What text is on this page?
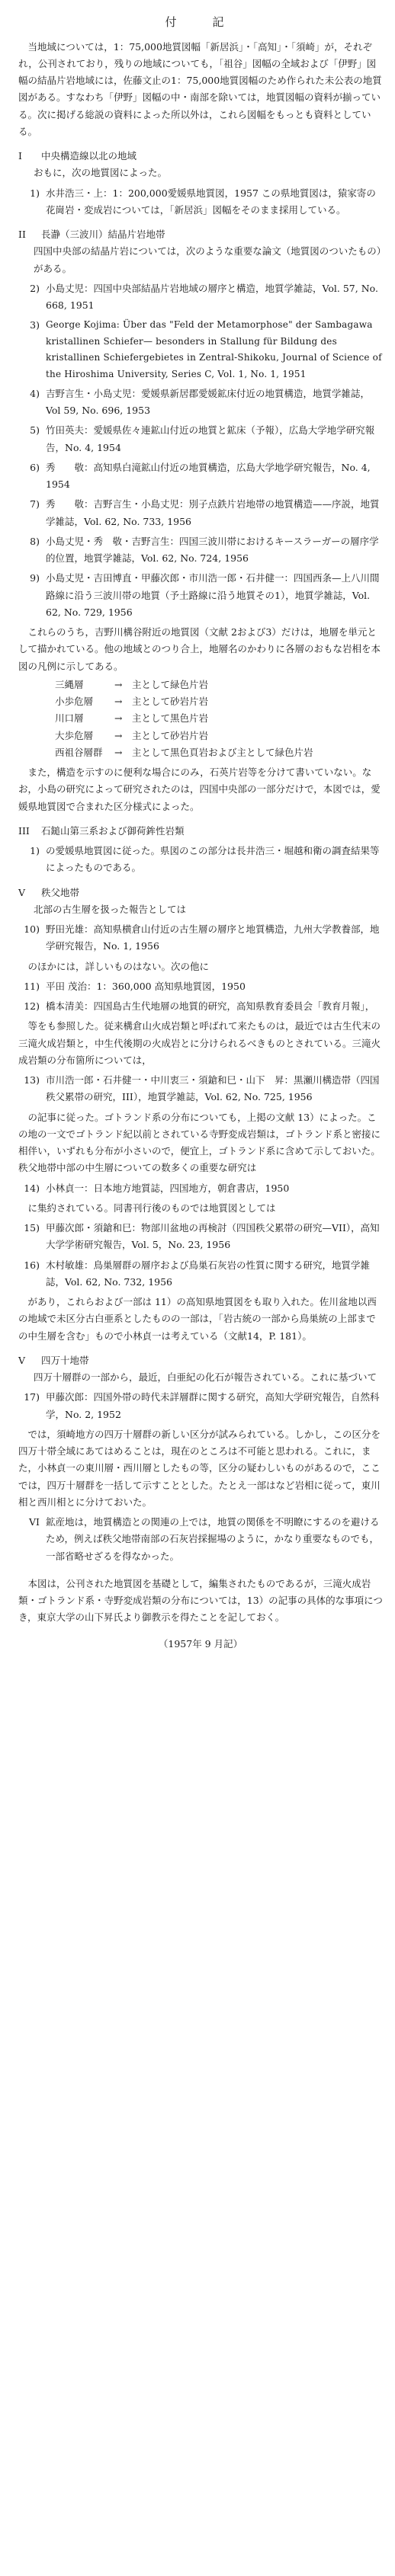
付　記

当地域については，1：75,000地質図幅「新居浜」・「高知」・「須崎」が，それぞれ，公刊されており，残りの地域についても，「祖谷」図幅の全域および「伊野」図幅の結晶片岩地域には，佐藤文止の1：75,000地質図幅のため作られた未公表の地質図がある。すなわち「伊野」図幅の中・南部を除いては，地質図幅の資料が揃っている。次に掲げる総説の資料によった所以外は，これら図幅をもっとも資料としている。

I	中央構造線以北の地域

おもに，次の地質図によった。

1) 水井浩三・上：1：200,000愛媛県地質図，1957 この県地質図は，猿家寄の花崗岩・変成岩については，「新居浜」図幅をそのまま採用している。
II	長瀞（三波川）結晶片岩地帯

四国中央部の結晶片岩については，次のような重要な論文（地質図のついたもの）がある。

2) 小島丈児：四国中央部結晶片岩地域の層序と構造，地質学雑誌，Vol. 57, No. 668, 1951
3) George Kojima: Über das "Feld der Metamorphose" der Sambagawa kristallinen Schiefer— besonders in Stallung für Bildung des kristallinen Schiefergebietes in Zentral-Shikoku, Journal of Science of the Hiroshima University, Series C, Vol. 1, No. 1, 1951
4) 吉野言生・小島丈児：愛媛県新居郡愛媛鉱床付近の地質構造，地質学雑誌，Vol 59, No. 696, 1953
5) 竹田英夫：愛媛県佐々連鉱山付近の地質と鉱床（予報），広島大学地学研究報告，No. 4, 1954
6) 秀　　敬：高知県白滝鉱山付近の地質構造，広島大学地学研究報告，No. 4, 1954
7) 秀　　敬：吉野言生・小島丈児：別子点鉄片岩地帯の地質構造——序説，地質学雑誌，Vol. 62, No. 733, 1956
8) 小島丈児・秀　敬・吉野言生：四国三波川帯におけるキースラーガーの層序学的位置，地質学雑誌，Vol. 62, No. 724, 1956
9) 小島丈児・吉田博直・甲藤次郎・市川浩一郎・石井健一：四国西条—上八川間路線に沿う三波川帯の地質（予土路線に沿う地質その1），地質学雑誌，Vol. 62, No. 729, 1956

これらのうち，吉野川構谷附近の地質図（文献 2および3）だけは，地層を単元として描かれている。他の地域とのつり合上，地層名のかわりに各層のおもな岩相を本図の凡例に示してある。

三縄層	→　主として緑色片岩
小歩危層	→　主として砂岩片岩
川口層	→　主として黒色片岩
大歩危層	→　主として砂岩片岩
西祖谷層群	→　主として黒色頁岩および主として緑色片岩

また，構造を示すのに便利な場合にのみ，石英片岩等を分けて書いていない。なお，小島の研究によって研究されたのは，四国中央部の一部分だけで，本図では，愛媛県地質図で合まれた区分様式によった。

III	石鎚山第三系および御荷鉾性岩類
1) の愛媛県地質図に従った。県図のこの部分は長井浩三・堀越和衛の調査結果等によったものである。
V	秩父地帯

北部の古生層を扱った報告としては

10) 野田光雄：高知県横倉山付近の古生層の層序と地質構造，九州大学教養部，地学研究報告，No. 1, 1956

のほかには，詳しいものはない。次の他に

11) 平田 茂治：1：360,000 高知県地質図，1950
12) 橋本清美：四国島古生代地層の地質的研究，高知県教育委員会「教育月報」，

等をも参照した。従来構倉山火成岩類と呼ばれて来たものは，最近では古生代末の三滝火成岩類と，中生代後期の火成岩とに分けられるべきものとされている。三滝火成岩類の分布箇所については，

13) 市川浩一郎・石井健一・中川衷三・須鎗和巳・山下　昇：黒瀬川構造帯（四国秩父累帯の研究，III），地質学雑誌，Vol. 62, No. 725, 1956

の記事に従った。ゴトランド系の分布についても，上掲の文献 13）によった。この地の一文でゴトランド紀以前とされている寺野変成岩類は，ゴトランド系と密接に相伴い，いずれも分布が小さいので，便宜上，ゴトランド系に含めて示しておいた。秩父地帯中部の中生層についての数多くの重要な研究は

14) 小林貞一：日本地方地質誌，四国地方，朝倉書店，1950

に集約されている。同書刊行後のものでは地質図としては

15) 甲藤次郎・須鎗和巳：物部川盆地の再検討（四国秩父累帯の研究—VII），高知大学学術研究報告，Vol. 5，No. 23, 1956
16) 木村敏雄：鳥巣層群の層序および鳥巣石灰岩の性質に関する研究，地質学雑誌，Vol. 62, No. 732, 1956

があり，これらおよび一部は 11）の高知県地質図をも取り入れた。佐川盆地以西の地域で未区分古白亜系としたものの一部は，「岩古統の一部から鳥巣統の上部までの中生層を含む」もので小林貞一は考えている（文献14，P. 181）。

V	四万十地帯

四万十層群の一部から，最近，白亜紀の化石が報告されている。これに基づいて

17) 甲藤次郎：四国外帯の時代未詳層群に関する研究，高知大学研究報告，自然科学，No. 2, 1952

では，須崎地方の四万十層群の新しい区分が試みられている。しかし，この区分を四万十帯全域にあてはめることは，現在のところは不可能と思われる。これに，また，小林貞一の東川層・西川層としたもの等，区分の疑わしいものがあるので，ここでは，四万十層群を一括して示すこととした。たとえ一部はなど岩相に従って，東川相と西川相とに分けておいた。

VI 鉱産地は，地質構造との関連の上では，地質の関係を不明瞭にするのを避けるため，例えば秩父地帯南部の石灰岩採掘場のように，かなり重要なものでも，一部省略せざるを得なかった。

本図は，公刊された地質図を基礎として，編集されたものであるが，三滝火成岩類・ゴトランド系・寺野変成岩類の分布については，13）の記事の具体的な事項につき，東京大学の山下昇氏より御教示を得たことを記しておく。

（1957年 9 月記）
